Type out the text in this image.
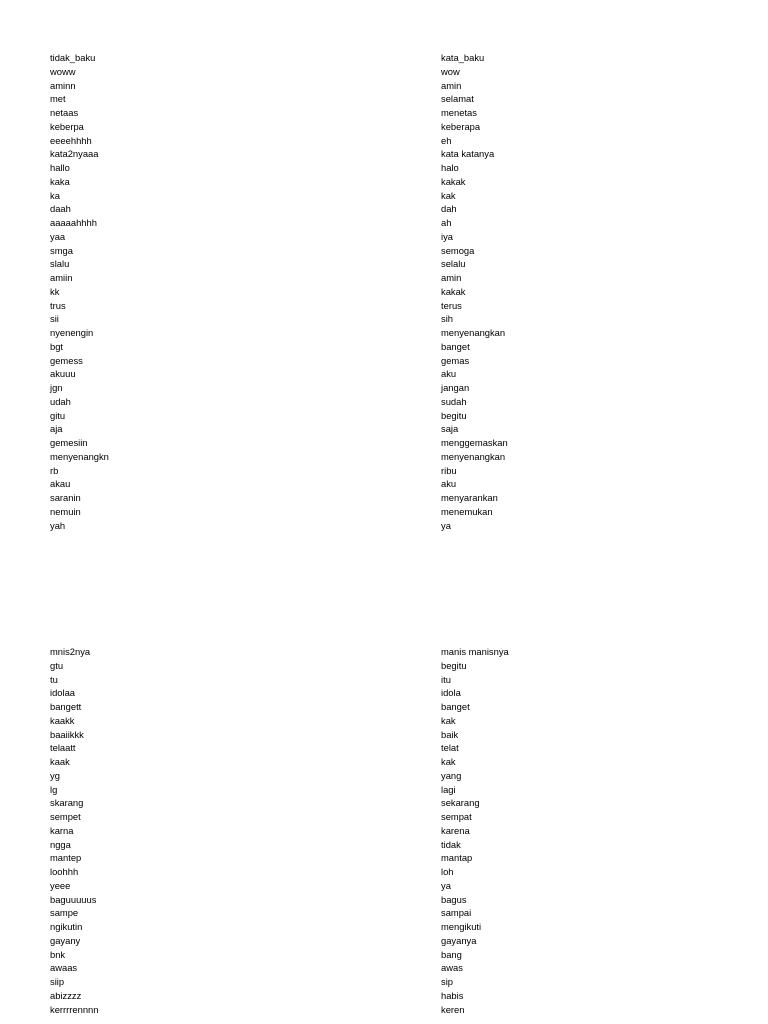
tidak_baku
woww
aminn
met
netaas
keberpa
eeeehhhh
kata2nyaaa
hallo
kaka
ka
daah
aaaaahhhh
yaa
smga
slalu
amiin
kk
trus
sii
nyenengin
bgt
gemess
akuuu
jgn
udah
gitu
aja
gemesiin
menyenangkn
rb
akau
saranin
nemuin
yah
kata_baku
wow
amin
selamat
menetas
keberapa
eh
kata katanya
halo
kakak
kak
dah
ah
iya
semoga
selalu
amin
kakak
terus
sih
menyenangkan
banget
gemas
aku
jangan
sudah
begitu
saja
menggemaskan
menyenangkan
ribu
aku
menyarankan
menemukan
ya
mnis2nya
gtu
tu
idolaa
bangett
kaakk
baaiikkk
telaatt
kaak
yg
lg
skarang
sempet
karna
ngga
mantep
loohhh
yeee
baguuuuus
sampe
ngikutin
gayany
bnk
awaas
siip
abizzzz
kerrrrennnn
manis manisnya
begitu
itu
idola
banget
kak
baik
telat
kak
yang
lagi
sekarang
sempat
karena
tidak
mantap
loh
ya
bagus
sampai
mengikuti
gayanya
bang
awas
sip
habis
keren
